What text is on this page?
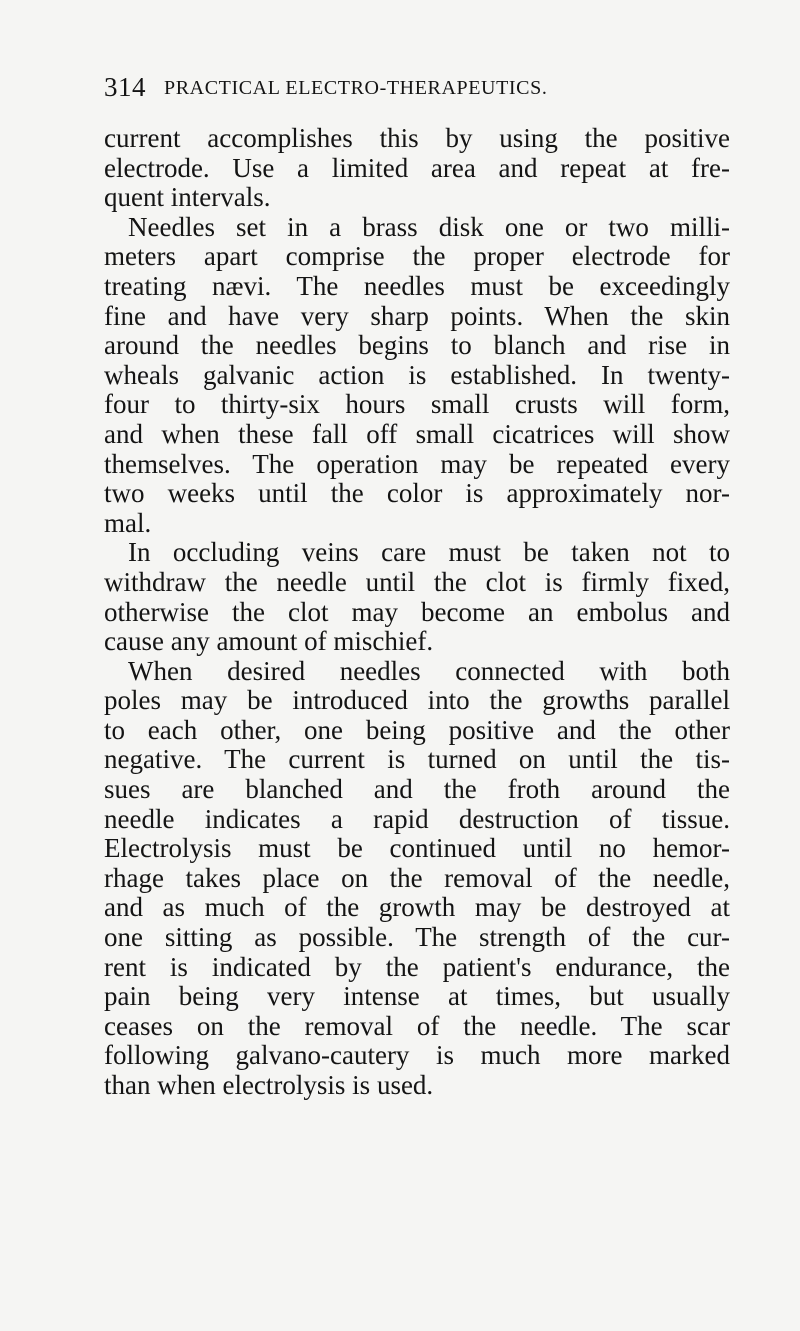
314 PRACTICAL ELECTRO-THERAPEUTICS.
current accomplishes this by using the positive
electrode. Use a limited area and repeat at fre-
quent intervals.
Needles set in a brass disk one or two milli-
meters apart comprise the proper electrode for
treating nævi. The needles must be exceedingly
fine and have very sharp points. When the skin
around the needles begins to blanch and rise in
wheals galvanic action is established. In twenty-
four to thirty-six hours small crusts will form,
and when these fall off small cicatrices will show
themselves. The operation may be repeated every
two weeks until the color is approximately nor-
mal.
In occluding veins care must be taken not to
withdraw the needle until the clot is firmly fixed,
otherwise the clot may become an embolus and
cause any amount of mischief.
When desired needles connected with both
poles may be introduced into the growths parallel
to each other, one being positive and the other
negative. The current is turned on until the tis-
sues are blanched and the froth around the
needle indicates a rapid destruction of tissue.
Electrolysis must be continued until no hemor-
rhage takes place on the removal of the needle,
and as much of the growth may be destroyed at
one sitting as possible. The strength of the cur-
rent is indicated by the patient's endurance, the
pain being very intense at times, but usually
ceases on the removal of the needle. The scar
following galvano-cautery is much more marked
than when electrolysis is used.
